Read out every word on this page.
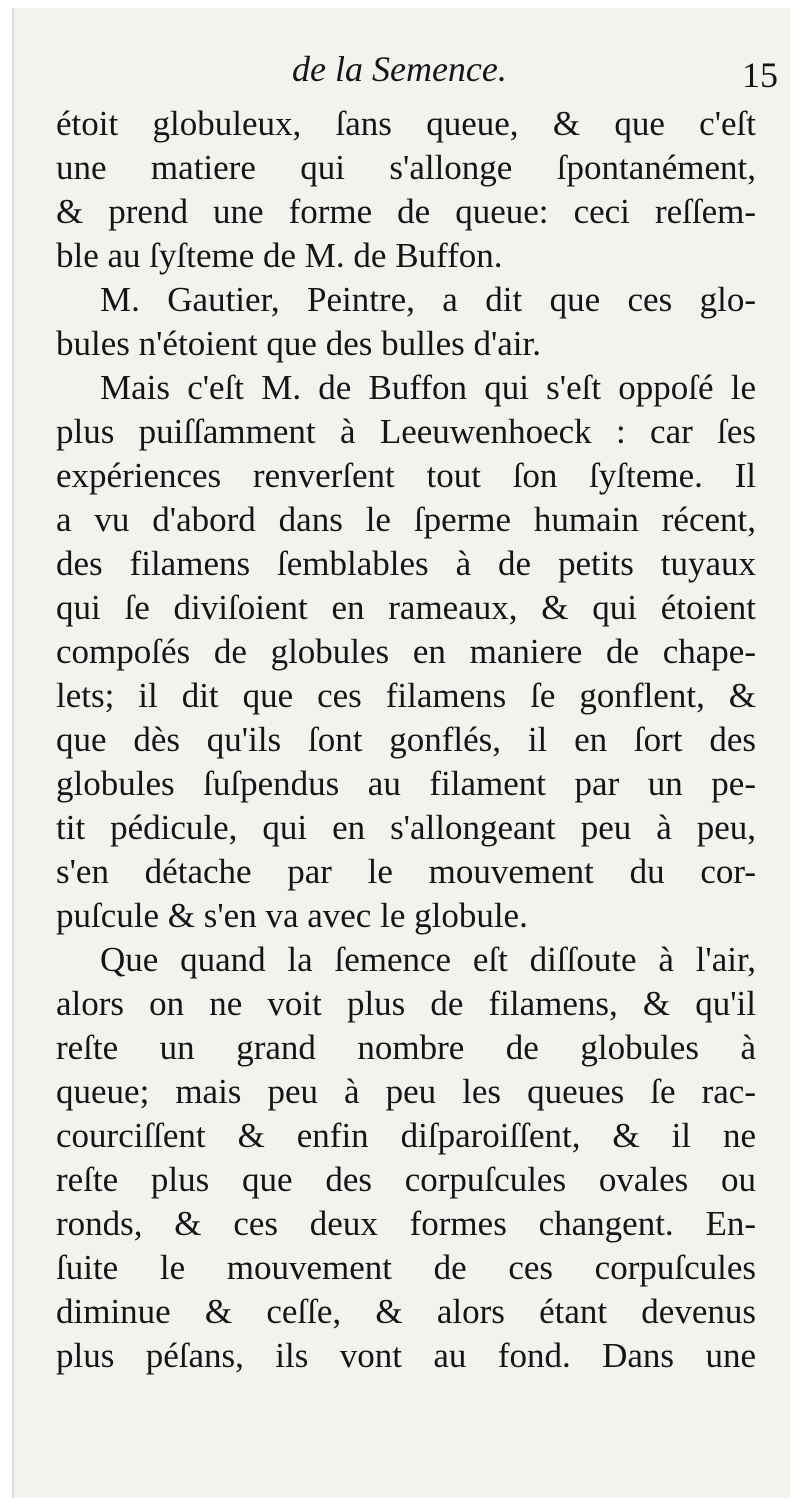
de la Semence.	15
étoit globuleux, ſans queue, & que c'eſt
une matiere qui s'allonge ſpontanément,
& prend une forme de queue: ceci reſſem-
ble au ſyſteme de M. de Buffon.
M. Gautier, Peintre, a dit que ces glo-
bules n'étoient que des bulles d'air.
Mais c'eſt M. de Buffon qui s'eſt oppoſé le
plus puiſſamment à Leeuwenhoeck : car ſes
expériences renverſent tout ſon ſyſteme. Il
a vu d'abord dans le ſperme humain récent,
des filamens ſemblables à de petits tuyaux
qui ſe diviſoient en rameaux, & qui étoient
compoſés de globules en maniere de chape-
lets; il dit que ces filamens ſe gonflent, &
que dès qu'ils ſont gonflés, il en ſort des
globules ſuſpendus au filament par un pe-
tit pédicule, qui en s'allongeant peu à peu,
s'en détache par le mouvement du cor-
puſcule & s'en va avec le globule.
Que quand la ſemence eſt diſſoute à l'air,
alors on ne voit plus de filamens, & qu'il
reſte un grand nombre de globules à
queue; mais peu à peu les queues ſe rac-
courciſſent & enfin diſparoiſſent, & il ne
reſte plus que des corpuſcules ovales ou
ronds, & ces deux formes changent. En-
ſuite le mouvement de ces corpuſcules
diminue & ceſſe, & alors étant devenus
plus péſans, ils vont au fond. Dans une
